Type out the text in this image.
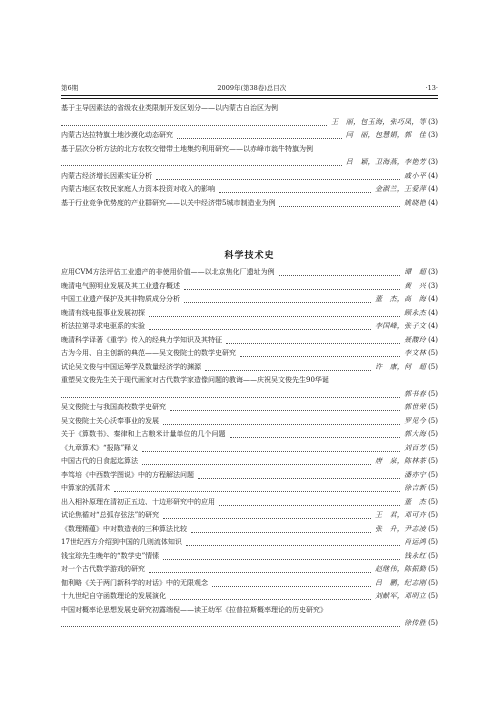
第6期	2009年(第38卷)总目次	·13·
基于主导因素法的省级农业类限制开发区划分——以内蒙古自治区为例
王　丽，包玉海，张巧凤，等 (3)
内蒙古达拉特旗土地沙漠化动态研究	闫　丽，包慧娟，郭　佳 (3)
基于层次分析方法的北方农牧交错带土地集约利用研究——以赤峰市翁牛特旗为例
吕　颖，卫海燕，李艳芳 (3)
内蒙古经济增长因素实证分析	戚小平 (4)
内蒙古地区农牧民家庭人力资本投资对收入的影响	金淑兰，王爱萍 (4)
基于行业竞争优势度的产业群研究——以关中经济带5城市制造业为例	姚晓艳 (4)
科学技术史
应用CVM方法评估工业遗产的非使用价值——以北京焦化厂遗址为例	谭　超 (3)
晚清电气照明业发展及其工业遗存概述	黄　兴 (3)
中国工业遗产保护及其非物质成分分析	董　杰，高　海 (4)
晚清有线电报事业发展初探	顾永杰 (4)
析法拉第寻求电驱系的实验	李国峰，张子文 (4)
晚清科学译著《重学》传入的经典力学知识及其特征	聂馥玲 (4)
古为今用、自主创新的典范——吴文俊院士的数学史研究	李文林 (5)
试论吴文俊与中国运筹学及数量经济学的渊源	许　康，何　超 (5)
重塑吴文俊先生关于现代画家对古代数学家造像问题的教诲——庆祝吴文俊先生90华诞
郭书春 (5)
吴文俊院士与我国高校数学史研究	郭世荣 (5)
吴文俊院士关心沃奉事业的发展	罗见今 (5)
关于《算数书》、秦律和上古粮米计量单位的几个问题	郭大海 (5)
《九章算术》“报陈”释义	刘百芳 (5)
中国古代的日食起迄算法	唐　泉，陈林茶 (5)
李笃培《中西数学图说》中的方程解法问题	潘亦宁 (5)
中算家的弧背术	徐吉新 (5)
出入相补原理在清初正五边、十边形研究中的应用	董　杰 (5)
试论焦循对“总弧存弦法”的研究	王　君，邓可卉 (5)
《数理精蕴》中对数造表的三种算法比较	张　升，尹志凌 (5)
17世纪西方介绍到中国的几则流体知识	肖运鸿 (5)
钱宝琮先生晚年的“数学史”情愫	钱永红 (5)
对一个古代数学游戏的研究	赵继伟，陈振勤 (5)
伽利略《关于两门新科学的对话》中的无限观念	吕　鹏，纪志刚 (5)
十九世纪自守函数理论的发展演化	刘献军，邓明立 (5)
中国对概率论思想发展史研究初露端倪——读王幼军《拉普拉斯概率理论的历史研究》
徐传胜 (5)
